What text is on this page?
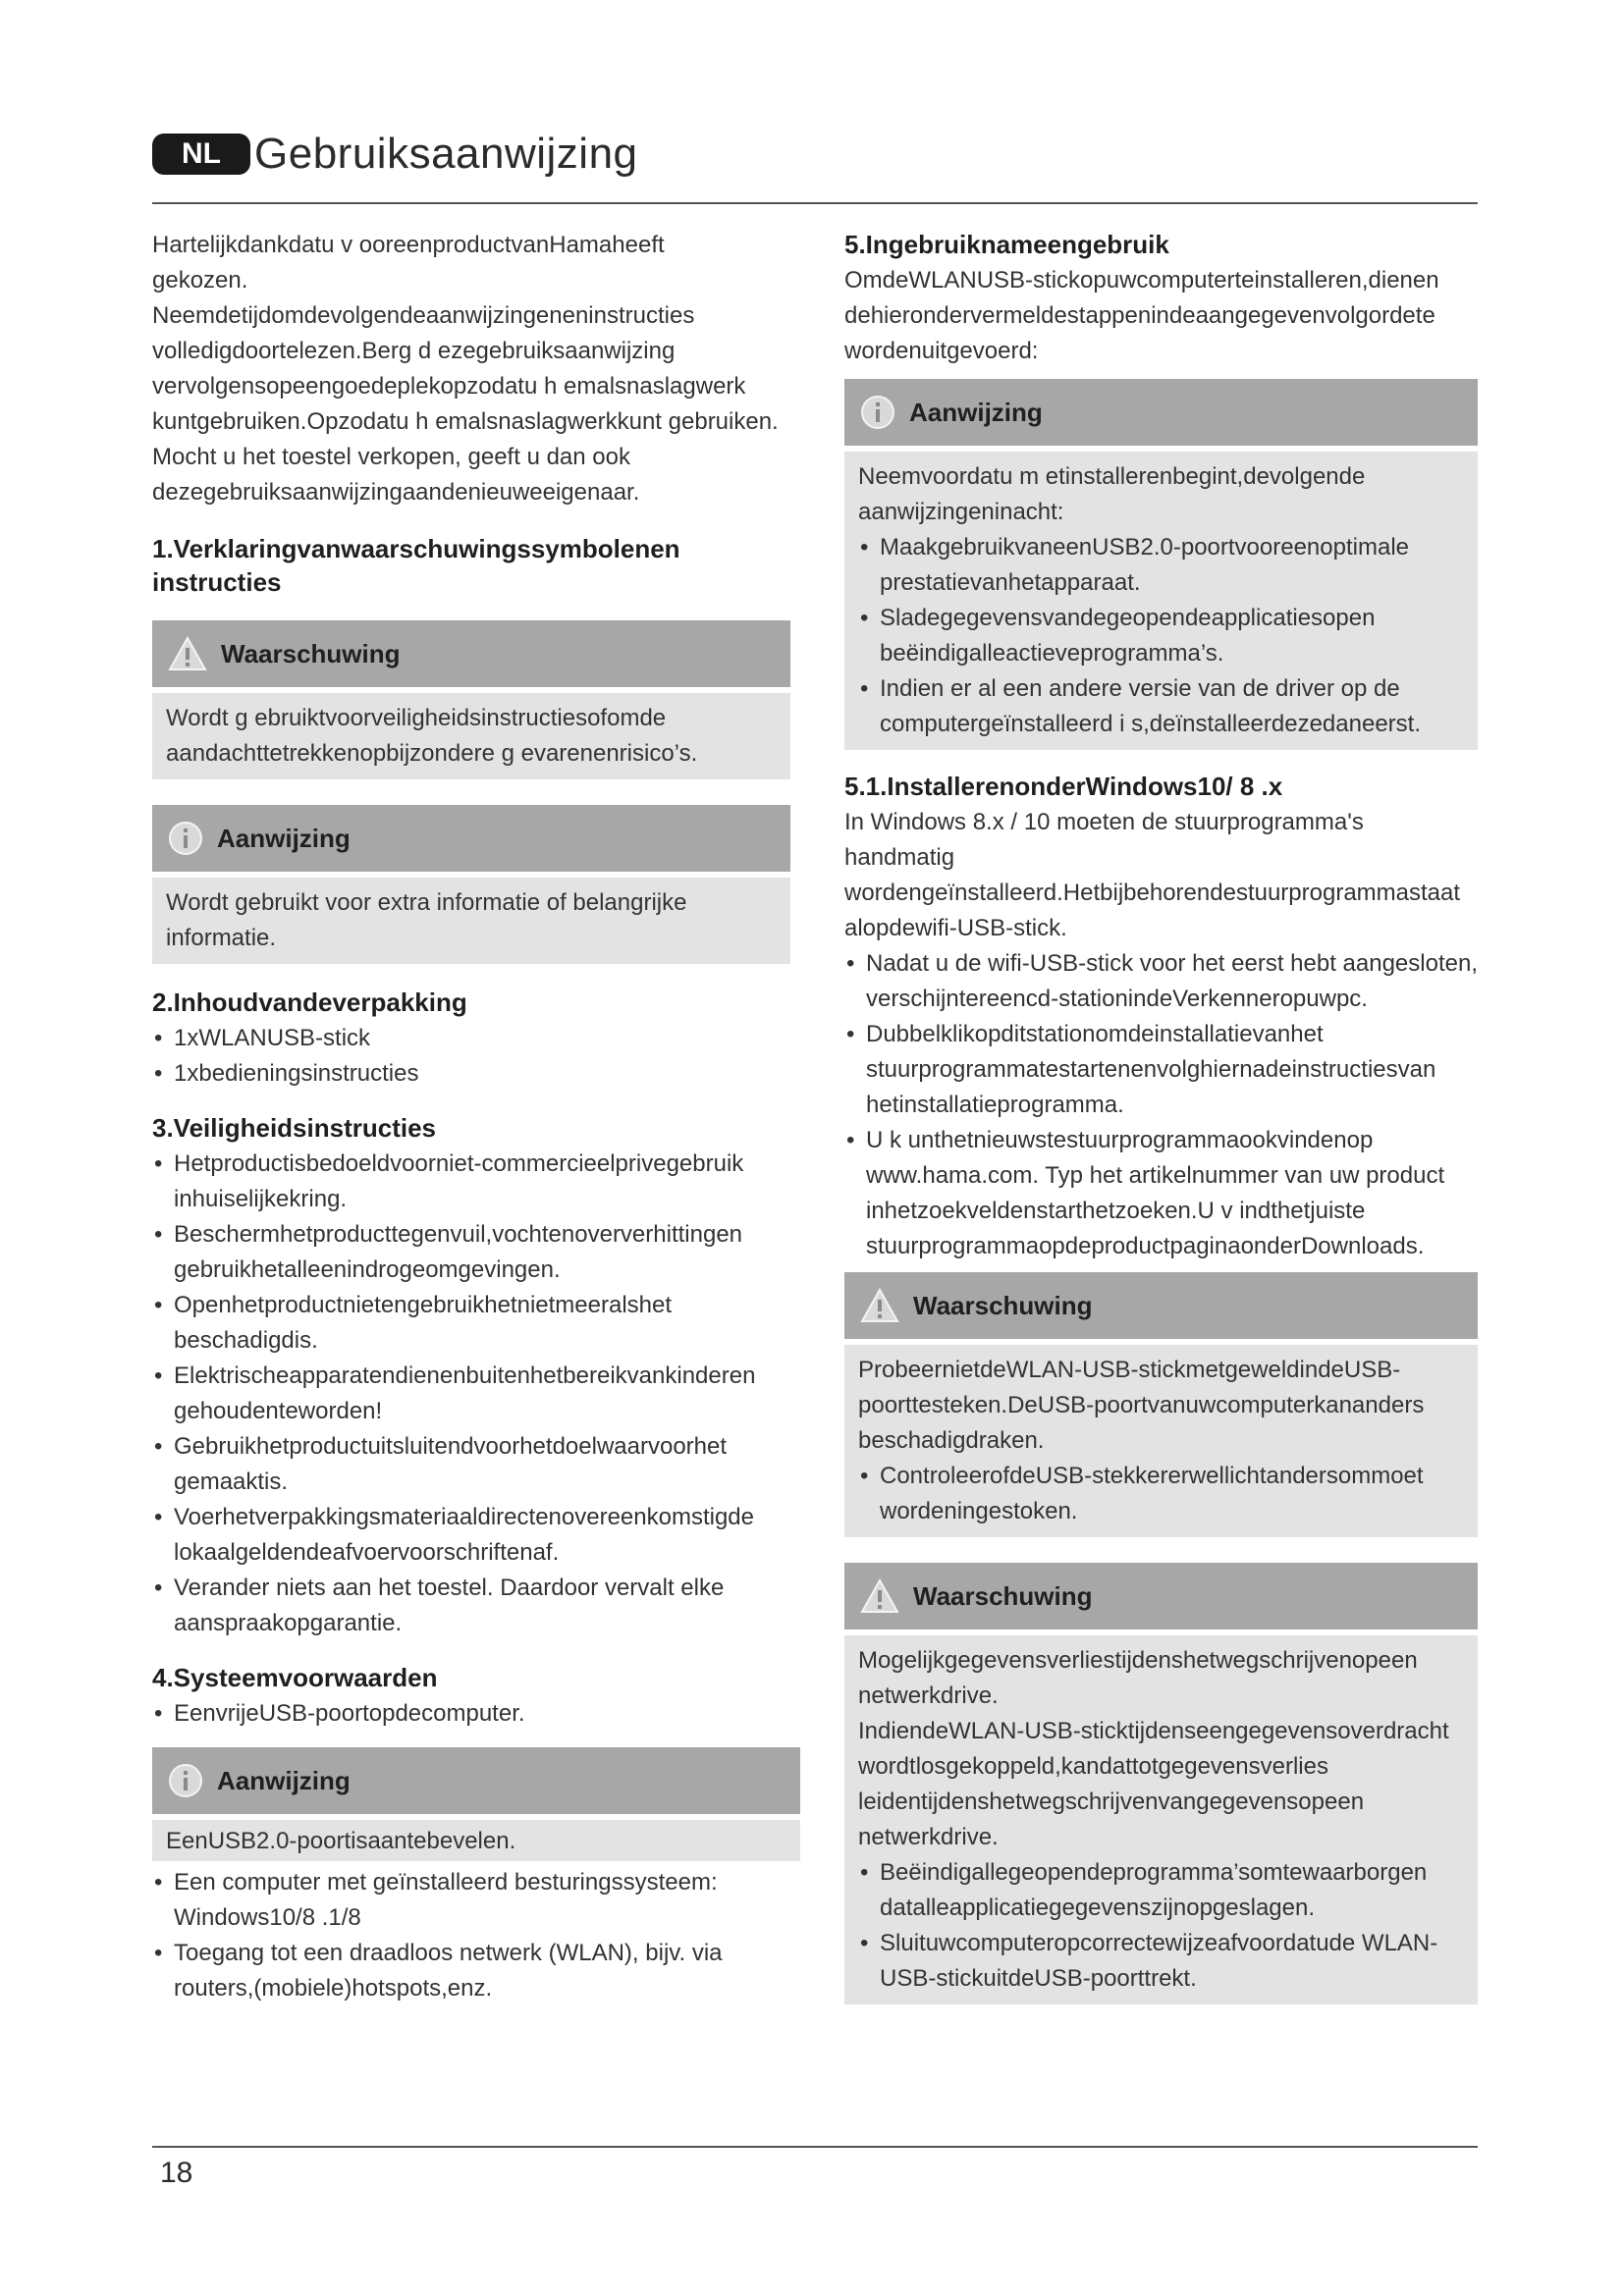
NL Gebruiksaanwijzing

Hartelijkdankdatu v ooreenproductvanHamaheeft gekozen.

Neemdetijdomdevolgendeaanwijzingeneninstructies volledigdoortelezen.Berg d ezegebruiksaanwijzing vervolgensopeengoedeplekopzodatu h emalsnaslagwerk kuntgebruiken.Opzodatu h emalsnaslagwerkkunt gebruiken. Mocht u het toestel verkopen, geeft u dan ook dezegebruiksaanwijzingaandenieuweeigenaar.

1.Verklaringvanwaarschuwingssymbolenen instructies
Waarschuwing

Wordt g ebruiktvoorveiligheidsinstructiesofomde aandachttetrekkenopbijzondere g evarenenrisico’s.

Aanwijzing

Wordt gebruikt voor extra informatie of belangrijke informatie.

2.Inhoudvandeverpakking
• 1xWLANUSB-stick
• 1xbedieningsinstructies
3.Veiligheidsinstructies
• Hetproductisbedoeldvoorniet-commercieelprivegebruik inhuiselijkekring.
• Beschermhetproducttegenvuil,vochtenoververhittingen gebruikhetalleenindrogeomgevingen.
• Openhetproductnietengebruikhetnietmeeralshet beschadigdis.
• Elektrischeapparatendienenbuitenhetbereikvankinderen gehoudenteworden!
• Gebruikhetproductuitsluitendvoorhetdoelwaarvoorhet gemaaktis.
• Voerhetverpakkingsmateriaaldirectenovereenkomstigde lokaalgeldendeafvoervoorschriftenaf.
• Verander niets aan het toestel. Daardoor vervalt elke aanspraakopgarantie.
4.Systeemvoorwaarden
• EenvrijeUSB-poortopdecomputer.
Aanwijzing

EenUSB2.0-poortisaantebevelen.

• Een computer met geïnstalleerd besturingssysteem: Windows10/8 .1/8
• Toegang tot een draadloos netwerk (WLAN), bijv. via routers,(mobiele)hotspots,enz.
5.Ingebruiknameengebruik

OmdeWLANUSB-stickopuwcomputerteinstalleren,dienen dehierondervermeldestappenindeaangegevenvolgordete wordenuitgevoerd:

Aanwijzing

Neemvoordatu m etinstallerenbegint,devolgende aanwijzingeninacht:

• MaakgebruikvaneenUSB2.0-poortvooreenoptimale prestatievanhetapparaat.
• Sladegegevensvandegeopendeapplicatiesopen beëindigalleactieveprogramma’s.
• Indien er al een andere versie van de driver op de computergeïnstalleerd i s,deïnstalleerdezedaneerst.
5.1.InstallerenonderWindows10/ 8 .x

In Windows 8.x / 10 moeten de stuurprogramma's handmatig wordengeïnstalleerd.Hetbijbehorendestuurprogrammastaat alopdewifi-USB-stick.

• Nadat u de wifi-USB-stick voor het eerst hebt aangesloten, verschijntereencd-stationindeVerkenneropuwpc.
• Dubbelklikopditstationomdeinstallatievanhet stuurprogrammatestartenenvolghiernadeinstructiesvan hetinstallatieprogramma.
• U k unthetnieuwstestuurprogrammaookvindenop www.hama.com. Typ het artikelnummer van uw product inhetzoekveldenstarthetzoeken.U v indthetjuiste stuurprogrammaopdeproductpaginaonderDownloads.
Waarschuwing

ProbeernietdeWLAN-USB-stickmetgeweldindeUSB- poorttesteken.DeUSB-poortvanuwcomputerkananders beschadigdraken.

• ControleerofdeUSB-stekkererwellichtandersommoet wordeningestoken.
Waarschuwing

Mogelijkgegevensverliestijdenshetwegschrijvenopeen netwerkdrive.

IndiendeWLAN-USB-sticktijdenseengegevensoverdracht wordtlosgekoppeld,kandattotgegevensverlies leidentijdenshetwegschrijvenvangegevensopeen netwerkdrive.

• Beëindigallegeopendeprogramma’somtewaarborgen datalleapplicatiegegevenszijnopgeslagen.
• Sluituwcomputeropcorrectewijzeafvoordatude WLAN-USB-stickuitdeUSB-poorttrekt.
18
